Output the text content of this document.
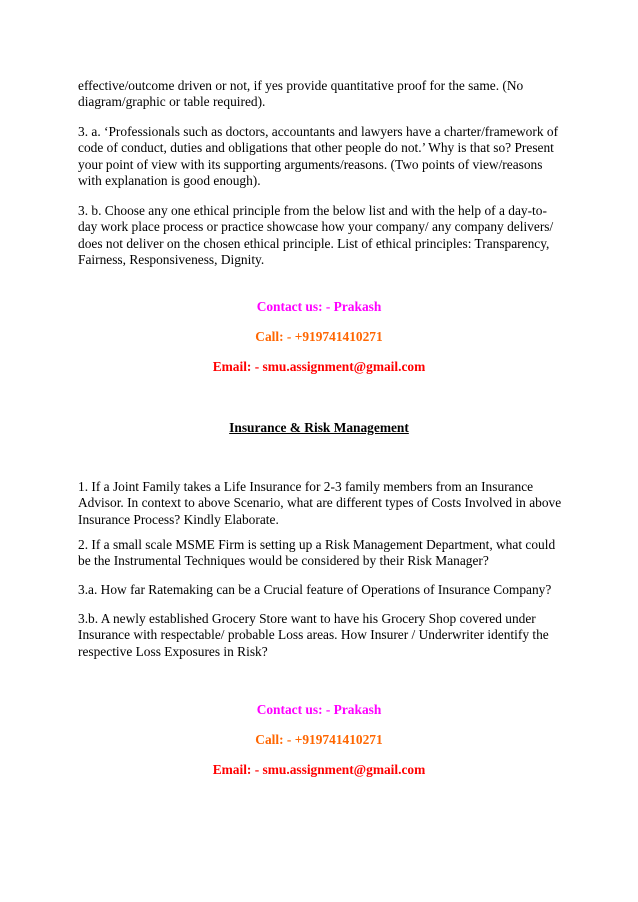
effective/outcome driven or not, if yes provide quantitative proof for the same. (No diagram/graphic or table required).

3. a. ‘Professionals such as doctors, accountants and lawyers have a charter/framework of code of conduct, duties and obligations that other people do not.’ Why is that so? Present your point of view with its supporting arguments/reasons. (Two points of view/reasons with explanation is good enough).

3. b. Choose any one ethical principle from the below list and with the help of a day-to-day work place process or practice showcase how your company/ any company delivers/ does not deliver on the chosen ethical principle. List of ethical principles: Transparency, Fairness, Responsiveness, Dignity.

Contact us: - Prakash

Call: - +919741410271

Email: - smu.assignment@gmail.com

Insurance & Risk Management

1. If a Joint Family takes a Life Insurance for 2-3 family members from an Insurance Advisor. In context to above Scenario, what are different types of Costs Involved in above Insurance Process? Kindly Elaborate.

2. If a small scale MSME Firm is setting up a Risk Management Department, what could be the Instrumental Techniques would be considered by their Risk Manager?

3.a. How far Ratemaking can be a Crucial feature of Operations of Insurance Company?

3.b. A newly established Grocery Store want to have his Grocery Shop covered under Insurance with respectable/ probable Loss areas. How Insurer / Underwriter identify the respective Loss Exposures in Risk?

Contact us: - Prakash

Call: - +919741410271

Email: - smu.assignment@gmail.com
